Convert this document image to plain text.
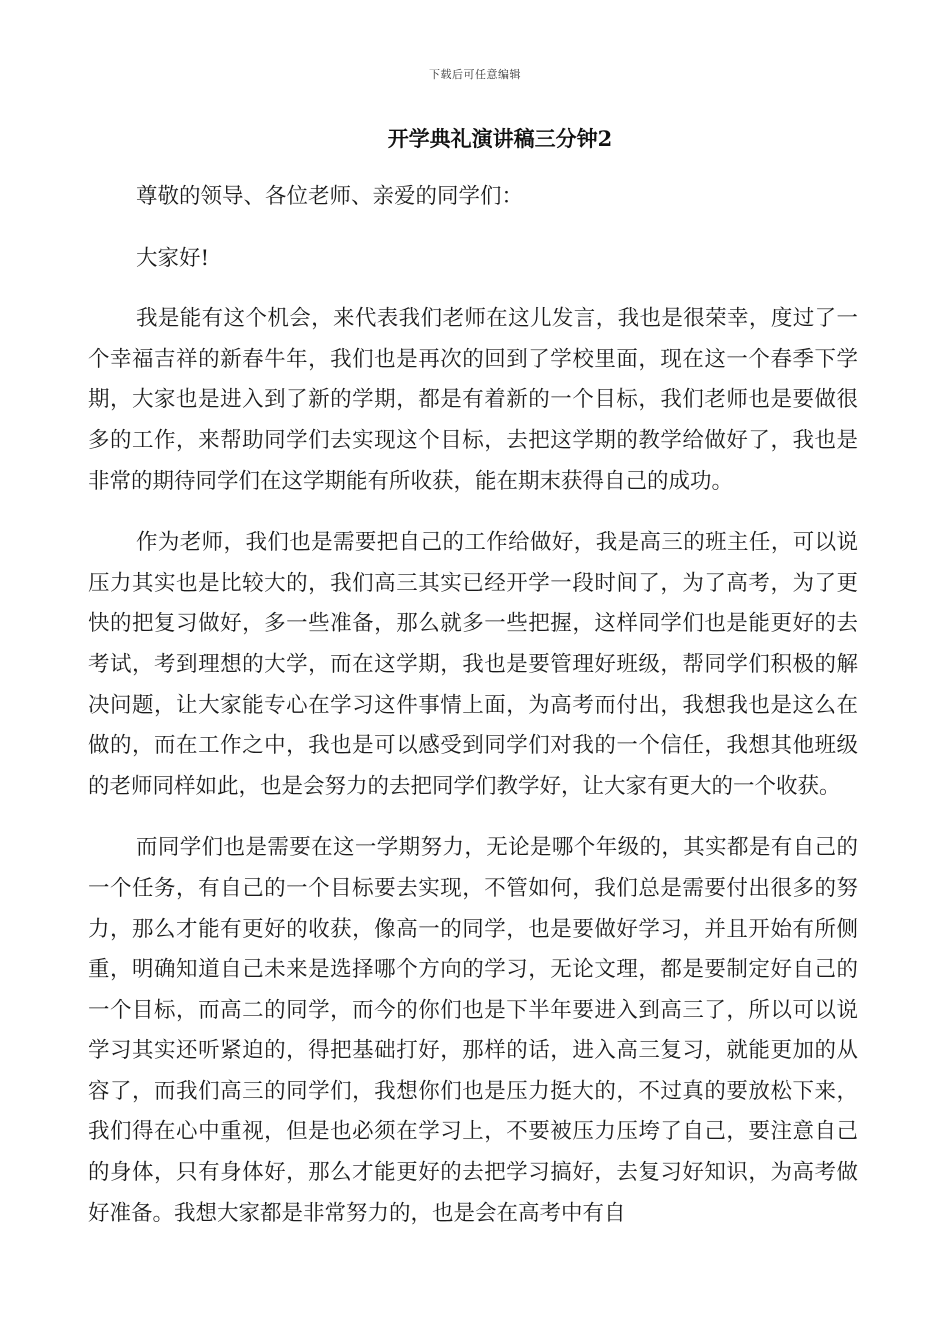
下载后可任意编辑
开学典礼演讲稿三分钟2

尊敬的领导、各位老师、亲爱的同学们：

大家好!

我是能有这个机会，来代表我们老师在这儿发言，我也是很荣幸，度过了一个幸福吉祥的新春牛年，我们也是再次的回到了学校里面，现在这一个春季下学期，大家也是进入到了新的学期，都是有着新的一个目标，我们老师也是要做很多的工作，来帮助同学们去实现这个目标，去把这学期的教学给做好了，我也是非常的期待同学们在这学期能有所收获，能在期末获得自己的成功。

作为老师，我们也是需要把自己的工作给做好，我是高三的班主任，可以说压力其实也是比较大的，我们高三其实已经开学一段时间了，为了高考，为了更快的把复习做好，多一些准备，那么就多一些把握，这样同学们也是能更好的去考试，考到理想的大学，而在这学期，我也是要管理好班级，帮同学们积极的解决问题，让大家能专心在学习这件事情上面，为高考而付出，我想我也是这么在做的，而在工作之中，我也是可以感受到同学们对我的一个信任，我想其他班级的老师同样如此，也是会努力的去把同学们教学好，让大家有更大的一个收获。

而同学们也是需要在这一学期努力，无论是哪个年级的，其实都是有自己的一个任务，有自己的一个目标要去实现，不管如何，我们总是需要付出很多的努力，那么才能有更好的收获，像高一的同学，也是要做好学习，并且开始有所侧重，明确知道自己未来是选择哪个方向的学习，无论文理，都是要制定好自己的一个目标，而高二的同学，而今的你们也是下半年要进入到高三了，所以可以说学习其实还听紧迫的，得把基础打好，那样的话，进入高三复习，就能更加的从容了，而我们高三的同学们，我想你们也是压力挺大的，不过真的要放松下来，我们得在心中重视，但是也必须在学习上，不要被压力压垮了自己，要注意自己的身体，只有身体好，那么才能更好的去把学习搞好，去复习好知识，为高考做好准备。我想大家都是非常努力的，也是会在高考中有自
